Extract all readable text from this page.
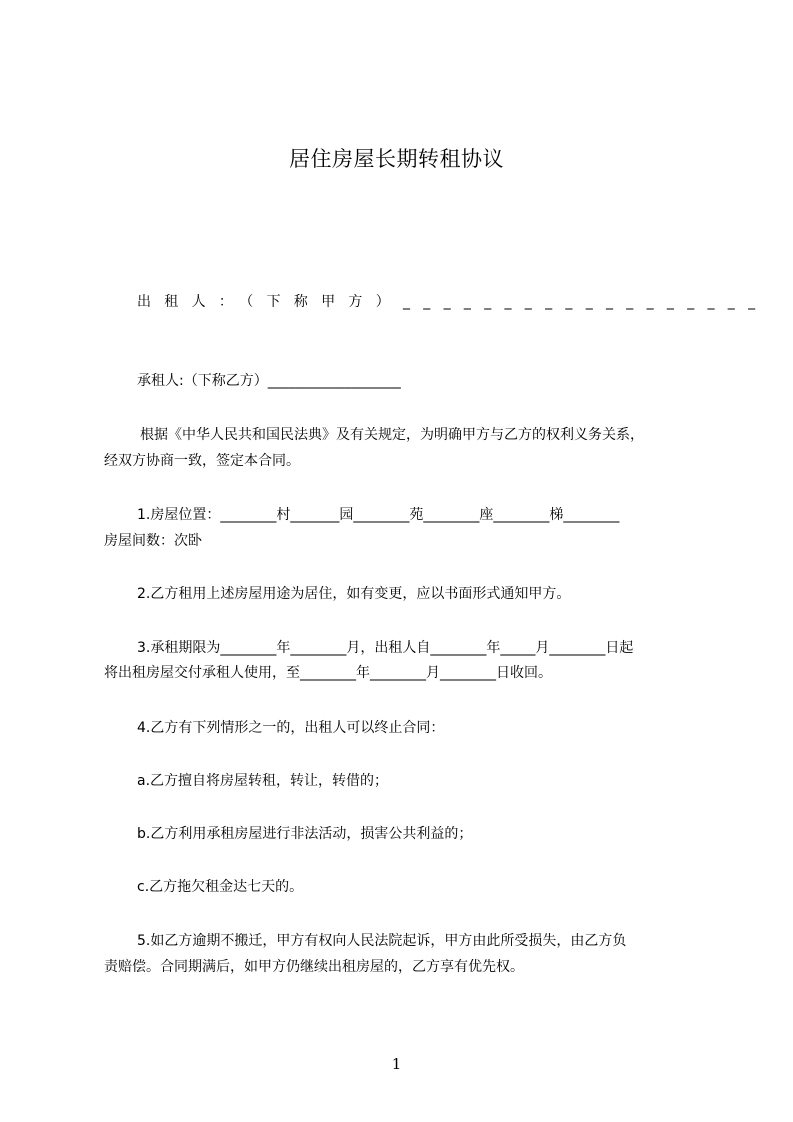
居住房屋长期转租协议
出租人：（下称甲方）__________________
承租人:（下称乙方）___________________
根据《中华人民共和国民法典》及有关规定，为明确甲方与乙方的权利义务关系，
经双方协商一致，签定本合同。
1.房屋位置：________村_______园________苑________座________梯________
房屋间数：次卧
2.乙方租用上述房屋用途为居住，如有变更，应以书面形式通知甲方。
3.承租期限为________年________月，出租人自________年_____月________日起
将出租房屋交付承租人使用，至________年________月________日收回。
4.乙方有下列情形之一的，出租人可以终止合同：
a.乙方擅自将房屋转租，转让，转借的；
b.乙方利用承租房屋进行非法活动，损害公共利益的；
c.乙方拖欠租金达七天的。
5.如乙方逾期不搬迁，甲方有权向人民法院起诉，甲方由此所受损失，由乙方负
责赔偿。合同期满后，如甲方仍继续出租房屋的，乙方享有优先权。
1
